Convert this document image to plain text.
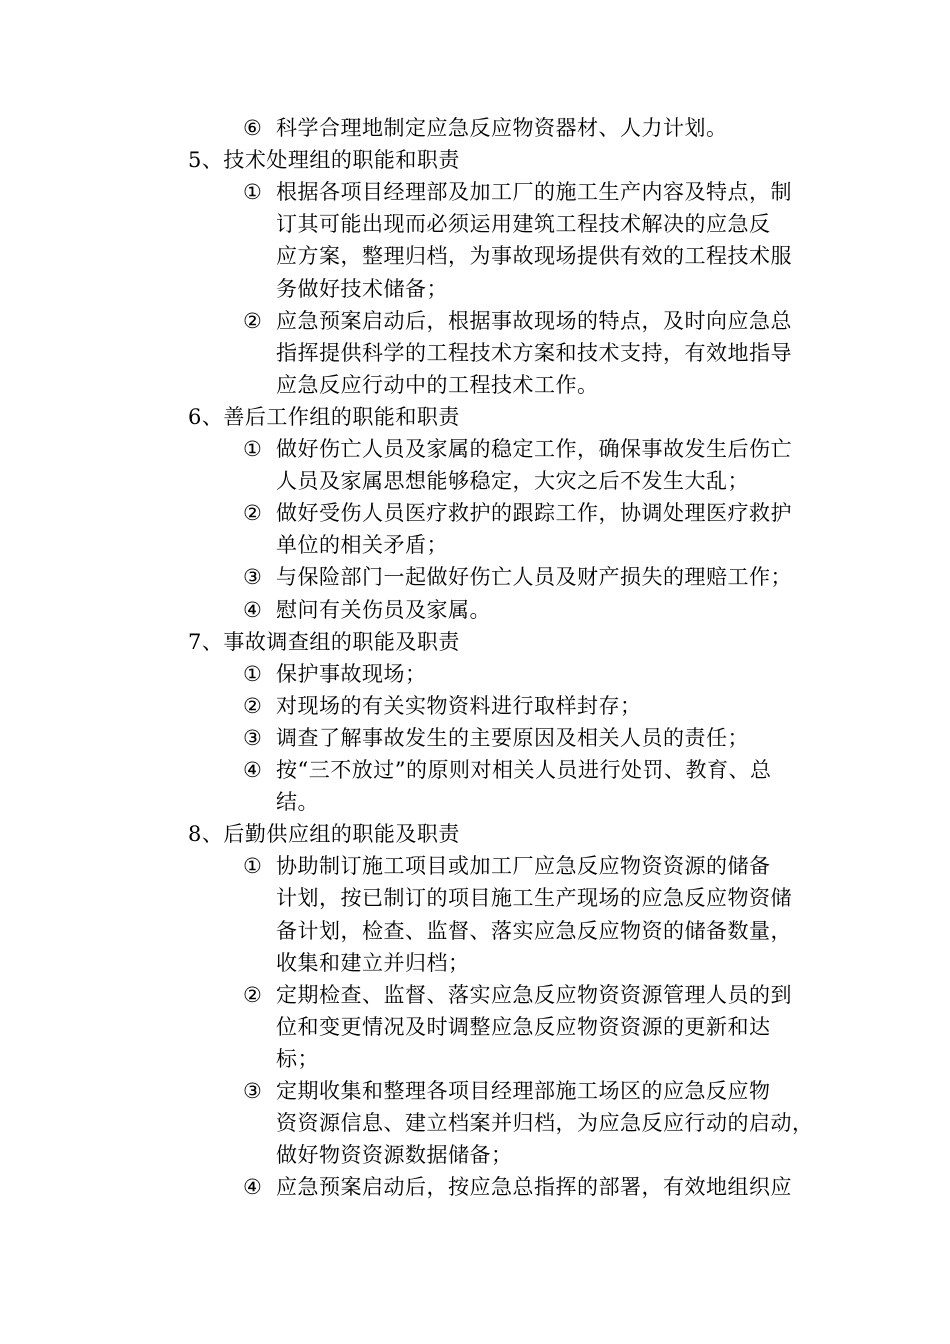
⑥ 科学合理地制定应急反应物资器材、人力计划。
5、技术处理组的职能和职责
① 根据各项目经理部及加工厂的施工生产内容及特点，制
订其可能出现而必须运用建筑工程技术解决的应急反
应方案，整理归档，为事故现场提供有效的工程技术服
务做好技术储备；
② 应急预案启动后，根据事故现场的特点，及时向应急总
指挥提供科学的工程技术方案和技术支持，有效地指导
应急反应行动中的工程技术工作。
6、善后工作组的职能和职责
① 做好伤亡人员及家属的稳定工作，确保事故发生后伤亡
人员及家属思想能够稳定，大灾之后不发生大乱；
② 做好受伤人员医疗救护的跟踪工作，协调处理医疗救护
单位的相关矛盾；
③ 与保险部门一起做好伤亡人员及财产损失的理赔工作；
④ 慰问有关伤员及家属。
7、事故调查组的职能及职责
① 保护事故现场；
② 对现场的有关实物资料进行取样封存；
③ 调查了解事故发生的主要原因及相关人员的责任；
④ 按“三不放过”的原则对相关人员进行处罚、教育、总
结。
8、后勤供应组的职能及职责
① 协助制订施工项目或加工厂应急反应物资资源的储备
计划，按已制订的项目施工生产现场的应急反应物资储
备计划，检查、监督、落实应急反应物资的储备数量，
收集和建立并归档；
② 定期检查、监督、落实应急反应物资资源管理人员的到
位和变更情况及时调整应急反应物资资源的更新和达
标；
③ 定期收集和整理各项目经理部施工场区的应急反应物
资资源信息、建立档案并归档，为应急反应行动的启动，
做好物资资源数据储备；
④ 应急预案启动后，按应急总指挥的部署，有效地组织应
